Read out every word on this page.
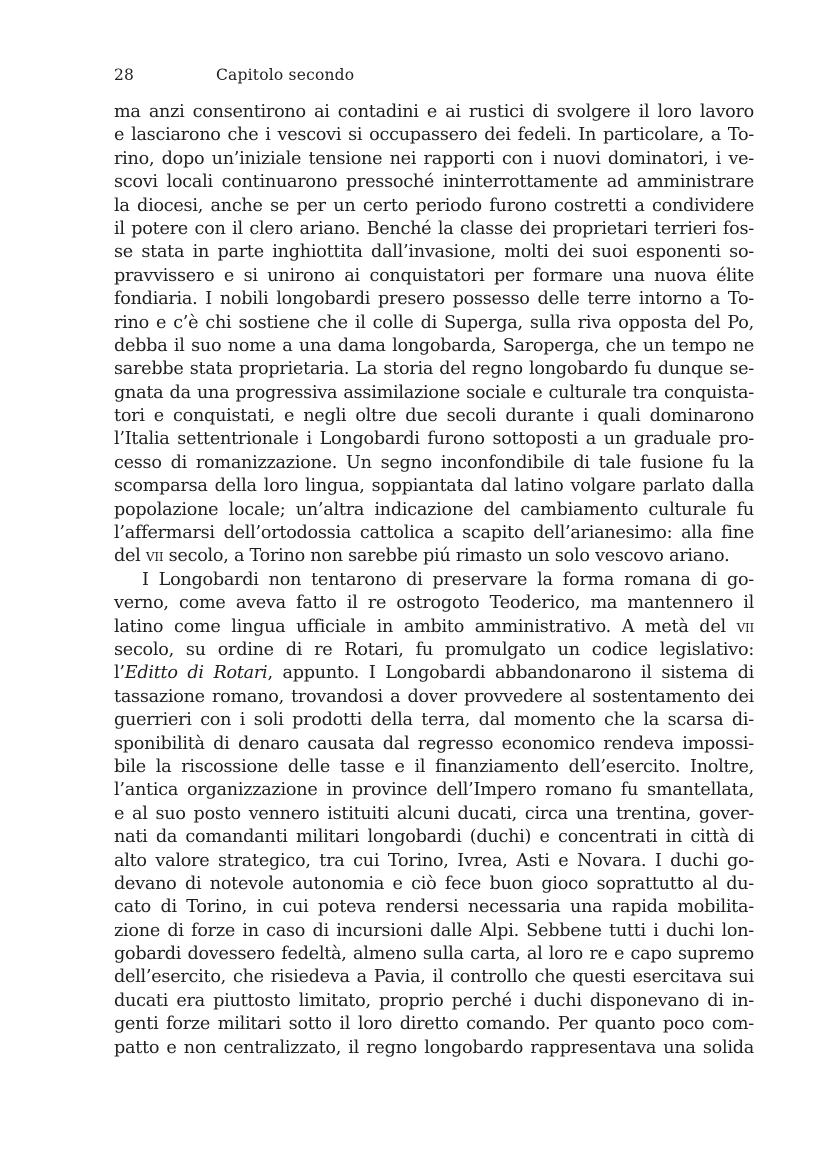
28	Capitolo secondo
ma anzi consentirono ai contadini e ai rustici di svolgere il loro lavoro
e lasciarono che i vescovi si occupassero dei fedeli. In particolare, a To-
rino, dopo un’iniziale tensione nei rapporti con i nuovi dominatori, i ve-
scovi locali continuarono pressoché ininterrottamente ad amministrare
la diocesi, anche se per un certo periodo furono costretti a condividere
il potere con il clero ariano. Benché la classe dei proprietari terrieri fos-
se stata in parte inghiottita dall’invasione, molti dei suoi esponenti so-
pravvissero e si unirono ai conquistatori per formare una nuova élite
fondiaria. I nobili longobardi presero possesso delle terre intorno a To-
rino e c’è chi sostiene che il colle di Superga, sulla riva opposta del Po,
debba il suo nome a una dama longobarda, Saroperga, che un tempo ne
sarebbe stata proprietaria. La storia del regno longobardo fu dunque se-
gnata da una progressiva assimilazione sociale e culturale tra conquista-
tori e conquistati, e negli oltre due secoli durante i quali dominarono
l’Italia settentrionale i Longobardi furono sottoposti a un graduale pro-
cesso di romanizzazione. Un segno inconfondibile di tale fusione fu la
scomparsa della loro lingua, soppiantata dal latino volgare parlato dalla
popolazione locale; un’altra indicazione del cambiamento culturale fu
l’affermarsi dell’ortodossia cattolica a scapito dell’arianesimo: alla fine
del vii secolo, a Torino non sarebbe piú rimasto un solo vescovo ariano.
I Longobardi non tentarono di preservare la forma romana di go-
verno, come aveva fatto il re ostrogoto Teoderico, ma mantennero il
latino come lingua ufficiale in ambito amministrativo. A metà del vii
secolo, su ordine di re Rotari, fu promulgato un codice legislativo:
l’Editto di Rotari, appunto. I Longobardi abbandonarono il sistema di
tassazione romano, trovandosi a dover provvedere al sostentamento dei
guerrieri con i soli prodotti della terra, dal momento che la scarsa di-
sponibilità di denaro causata dal regresso economico rendeva impossi-
bile la riscossione delle tasse e il finanziamento dell’esercito. Inoltre,
l’antica organizzazione in province dell’Impero romano fu smantellata,
e al suo posto vennero istituiti alcuni ducati, circa una trentina, gover-
nati da comandanti militari longobardi (duchi) e concentrati in città di
alto valore strategico, tra cui Torino, Ivrea, Asti e Novara. I duchi go-
devano di notevole autonomia e ciò fece buon gioco soprattutto al du-
cato di Torino, in cui poteva rendersi necessaria una rapida mobilita-
zione di forze in caso di incursioni dalle Alpi. Sebbene tutti i duchi lon-
gobardi dovessero fedeltà, almeno sulla carta, al loro re e capo supremo
dell’esercito, che risiedeva a Pavia, il controllo che questi esercitava sui
ducati era piuttosto limitato, proprio perché i duchi disponevano di in-
genti forze militari sotto il loro diretto comando. Per quanto poco com-
patto e non centralizzato, il regno longobardo rappresentava una solida
